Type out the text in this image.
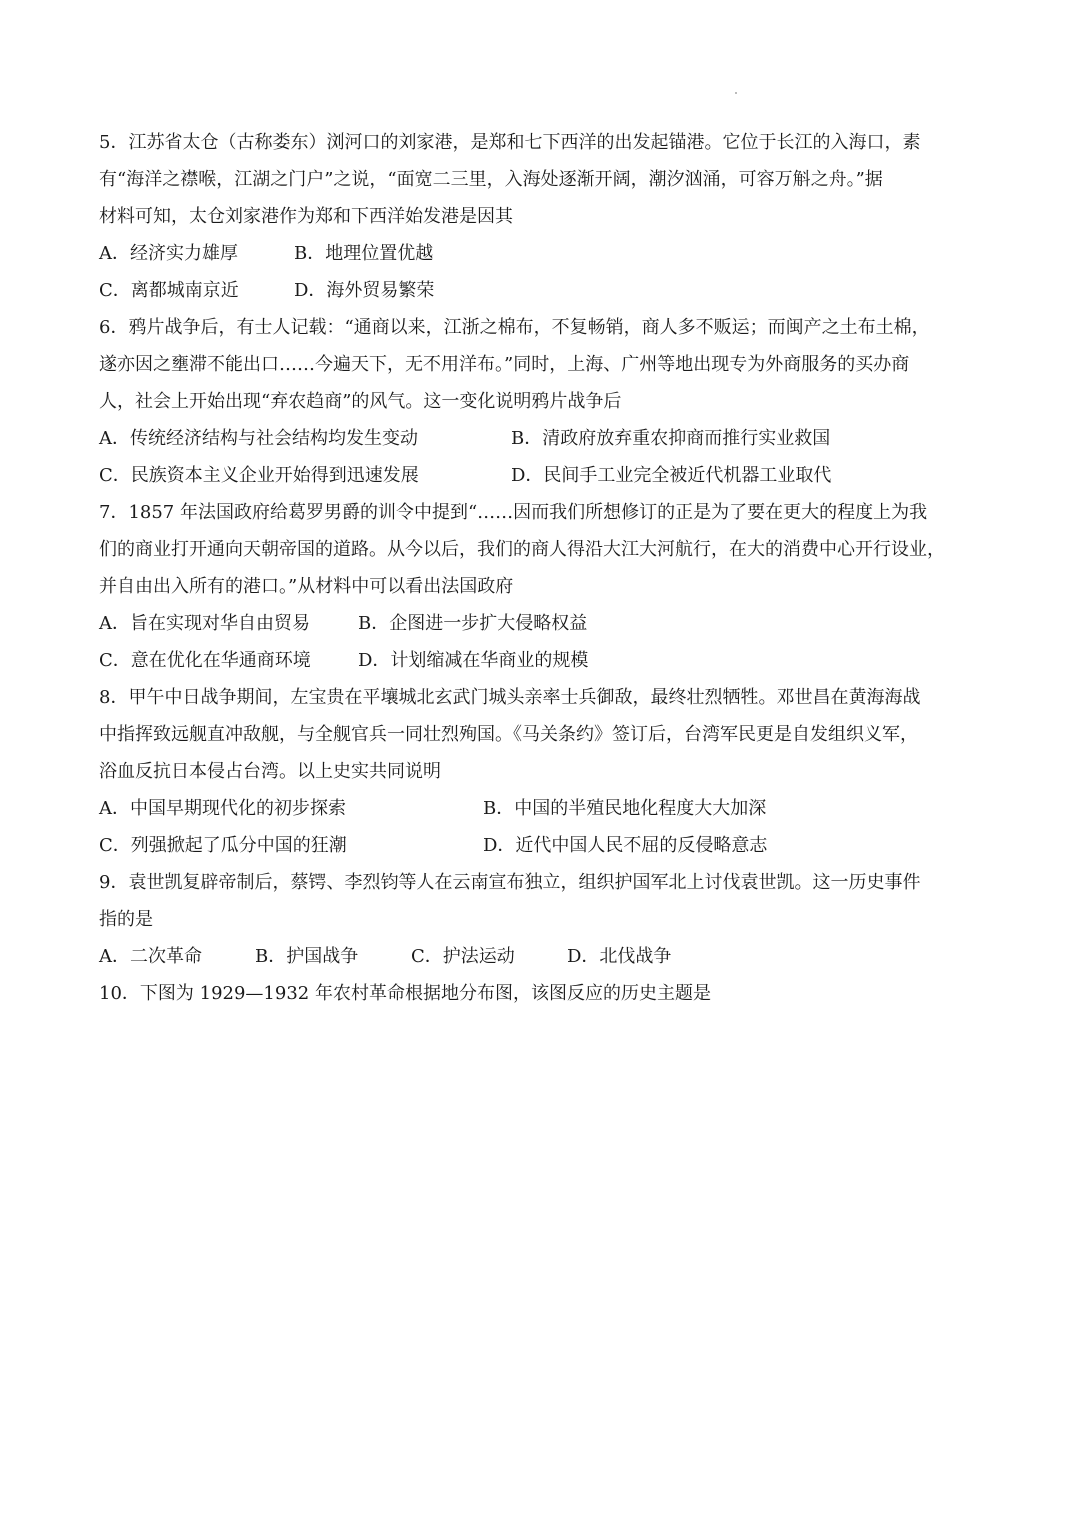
5．江苏省太仓（古称娄东）浏河口的刘家港，是郑和七下西洋的出发起锚港。它位于长江的入海口，素
有“海洋之襟喉，江湖之门户”之说，“面宽二三里，入海处逐渐开阔，潮汐汹涌，可容万斛之舟。”据
材料可知，太仓刘家港作为郑和下西洋始发港是因其
A．经济实力雄厚	B．地理位置优越
C．离都城南京近	D．海外贸易繁荣
6．鸦片战争后，有士人记载：“通商以来，江浙之棉布，不复畅销，商人多不贩运；而闽产之土布土棉，
遂亦因之壅滞不能出口……今遍天下，无不用洋布。”同时，上海、广州等地出现专为外商服务的买办商
人，社会上开始出现“弃农趋商”的风气。这一变化说明鸦片战争后
A．传统经济结构与社会结构均发生变动	B．清政府放弃重农抑商而推行实业救国
C．民族资本主义企业开始得到迅速发展	D．民间手工业完全被近代机器工业取代
7．1857 年法国政府给葛罗男爵的训令中提到“……因而我们所想修订的正是为了要在更大的程度上为我
们的商业打开通向天朝帝国的道路。从今以后，我们的商人得沿大江大河航行，在大的消费中心开行设业，
并自由出入所有的港口。”从材料中可以看出法国政府
A．旨在实现对华自由贸易	B．企图进一步扩大侵略权益
C．意在优化在华通商环境	D．计划缩减在华商业的规模
8．甲午中日战争期间，左宝贵在平壤城北玄武门城头亲率士兵御敌，最终壮烈牺牲。邓世昌在黄海海战
中指挥致远舰直冲敌舰，与全舰官兵一同壮烈殉国。《马关条约》签订后，台湾军民更是自发组织义军，
浴血反抗日本侵占台湾。以上史实共同说明
A．中国早期现代化的初步探索	B．中国的半殖民地化程度大大加深
C．列强掀起了瓜分中国的狂潮	D．近代中国人民不屈的反侵略意志
9．袁世凯复辟帝制后，蔡锷、李烈钧等人在云南宣布独立，组织护国军北上讨伐袁世凯。这一历史事件
指的是
A．二次革命	B．护国战争	C．护法运动	D．北伐战争
10．下图为 1929—1932 年农村革命根据地分布图，该图反应的历史主题是
